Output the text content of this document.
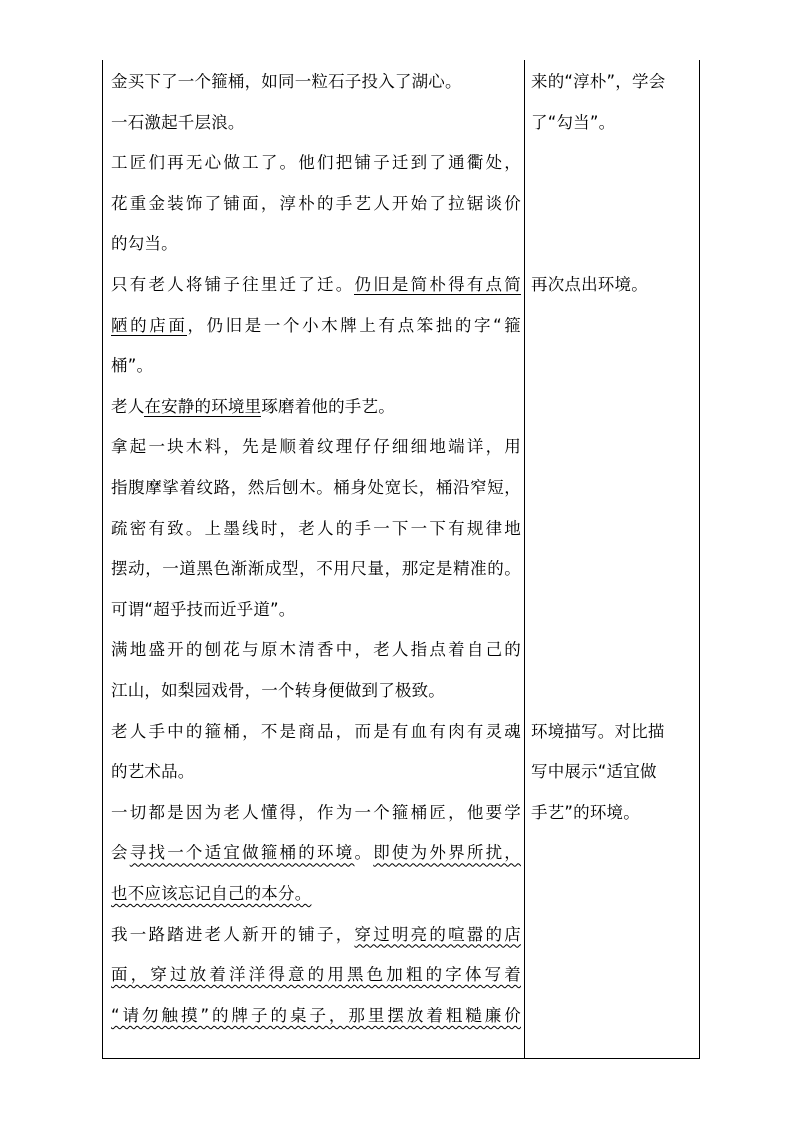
金买下了一个箍桶，如同一粒石子投入了湖心。
一石激起千层浪。
工匠们再无心做工了。他们把铺子迁到了通衢处，
花重金装饰了铺面，淳朴的手艺人开始了拉锯谈价
的勾当。
只有老人将铺子往里迁了迁。仍旧是简朴得有点简
陋的店面，仍旧是一个小木牌上有点笨拙的字“箍
桶”。
老人在安静的环境里琢磨着他的手艺。
拿起一块木料，先是顺着纹理仔仔细细地端详，用
指腹摩挲着纹路，然后刨木。桶身处宽长，桶沿窄短，
疏密有致。上墨线时，老人的手一下一下有规律地
摆动，一道黑色渐渐成型，不用尺量，那定是精准的。
可谓“超乎技而近乎道”。
满地盛开的刨花与原木清香中，老人指点着自己的
江山，如梨园戏骨，一个转身便做到了极致。
老人手中的箍桶，不是商品，而是有血有肉有灵魂
的艺术品。
一切都是因为老人懂得，作为一个箍桶匠，他要学
会寻找一个适宜做箍桶的环境。即使为外界所扰，
也不应该忘记自己的本分。
我一路踏进老人新开的铺子，穿过明亮的喧嚣的店
面，穿过放着洋洋得意的用黑色加粗的字体写着
“请勿触摸”的牌子的桌子，那里摆放着粗糙廉价
来的“淳朴”，学会
了“勾当”。
再次点出环境。
环境描写。对比描
写中展示“适宜做
手艺”的环境。
